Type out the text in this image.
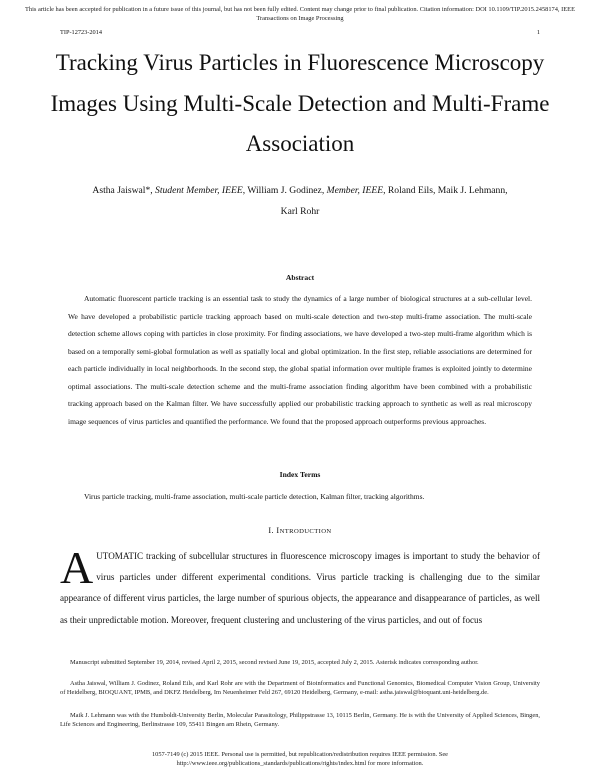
This article has been accepted for publication in a future issue of this journal, but has not been fully edited. Content may change prior to final publication. Citation information: DOI 10.1109/TIP.2015.2458174, IEEE Transactions on Image Processing
TIP-12723-2014	1
Tracking Virus Particles in Fluorescence Microscopy Images Using Multi-Scale Detection and Multi-Frame Association
Astha Jaiswal*, Student Member, IEEE, William J. Godinez, Member, IEEE, Roland Eils, Maik J. Lehmann,
Karl Rohr
Abstract
Automatic fluorescent particle tracking is an essential task to study the dynamics of a large number of biological structures at a sub-cellular level. We have developed a probabilistic particle tracking approach based on multi-scale detection and two-step multi-frame association. The multi-scale detection scheme allows coping with particles in close proximity. For finding associations, we have developed a two-step multi-frame algorithm which is based on a temporally semi-global formulation as well as spatially local and global optimization. In the first step, reliable associations are determined for each particle individually in local neighborhoods. In the second step, the global spatial information over multiple frames is exploited jointly to determine optimal associations. The multi-scale detection scheme and the multi-frame association finding algorithm have been combined with a probabilistic tracking approach based on the Kalman filter. We have successfully applied our probabilistic tracking approach to synthetic as well as real microscopy image sequences of virus particles and quantified the performance. We found that the proposed approach outperforms previous approaches.
Index Terms
Virus particle tracking, multi-frame association, multi-scale particle detection, Kalman filter, tracking algorithms.
I. INTRODUCTION
AUTOMATIC tracking of subcellular structures in fluorescence microscopy images is important to study the behavior of virus particles under different experimental conditions. Virus particle tracking is challenging due to the similar appearance of different virus particles, the large number of spurious objects, the appearance and disappearance of particles, as well as their unpredictable motion. Moreover, frequent clustering and unclustering of the virus particles, and out of focus
Manuscript submitted September 19, 2014, revised April 2, 2015, second revised June 19, 2015, accepted July 2, 2015. Asterisk indicates corresponding author.
Astha Jaiswal, William J. Godinez, Roland Eils, and Karl Rohr are with the Department of Bioinformatics and Functional Genomics, Biomedical Computer Vision Group, University of Heidelberg, BIOQUANT, IPMB, and DKFZ Heidelberg, Im Neuenheimer Feld 267, 69120 Heidelberg, Germany, e-mail: astha.jaiswal@bioquant.uni-heidelberg.de.
Maik J. Lehmann was with the Humboldt-University Berlin, Molecular Parasitology, Philippstrasse 13, 10115 Berlin, Germany. He is with the University of Applied Sciences, Bingen, Life Sciences and Engineering, Berlinstrasse 109, 55411 Bingen am Rhein, Germany.
1057-7149 (c) 2015 IEEE. Personal use is permitted, but republication/redistribution requires IEEE permission. See
http://www.ieee.org/publications_standards/publications/rights/index.html for more information.
